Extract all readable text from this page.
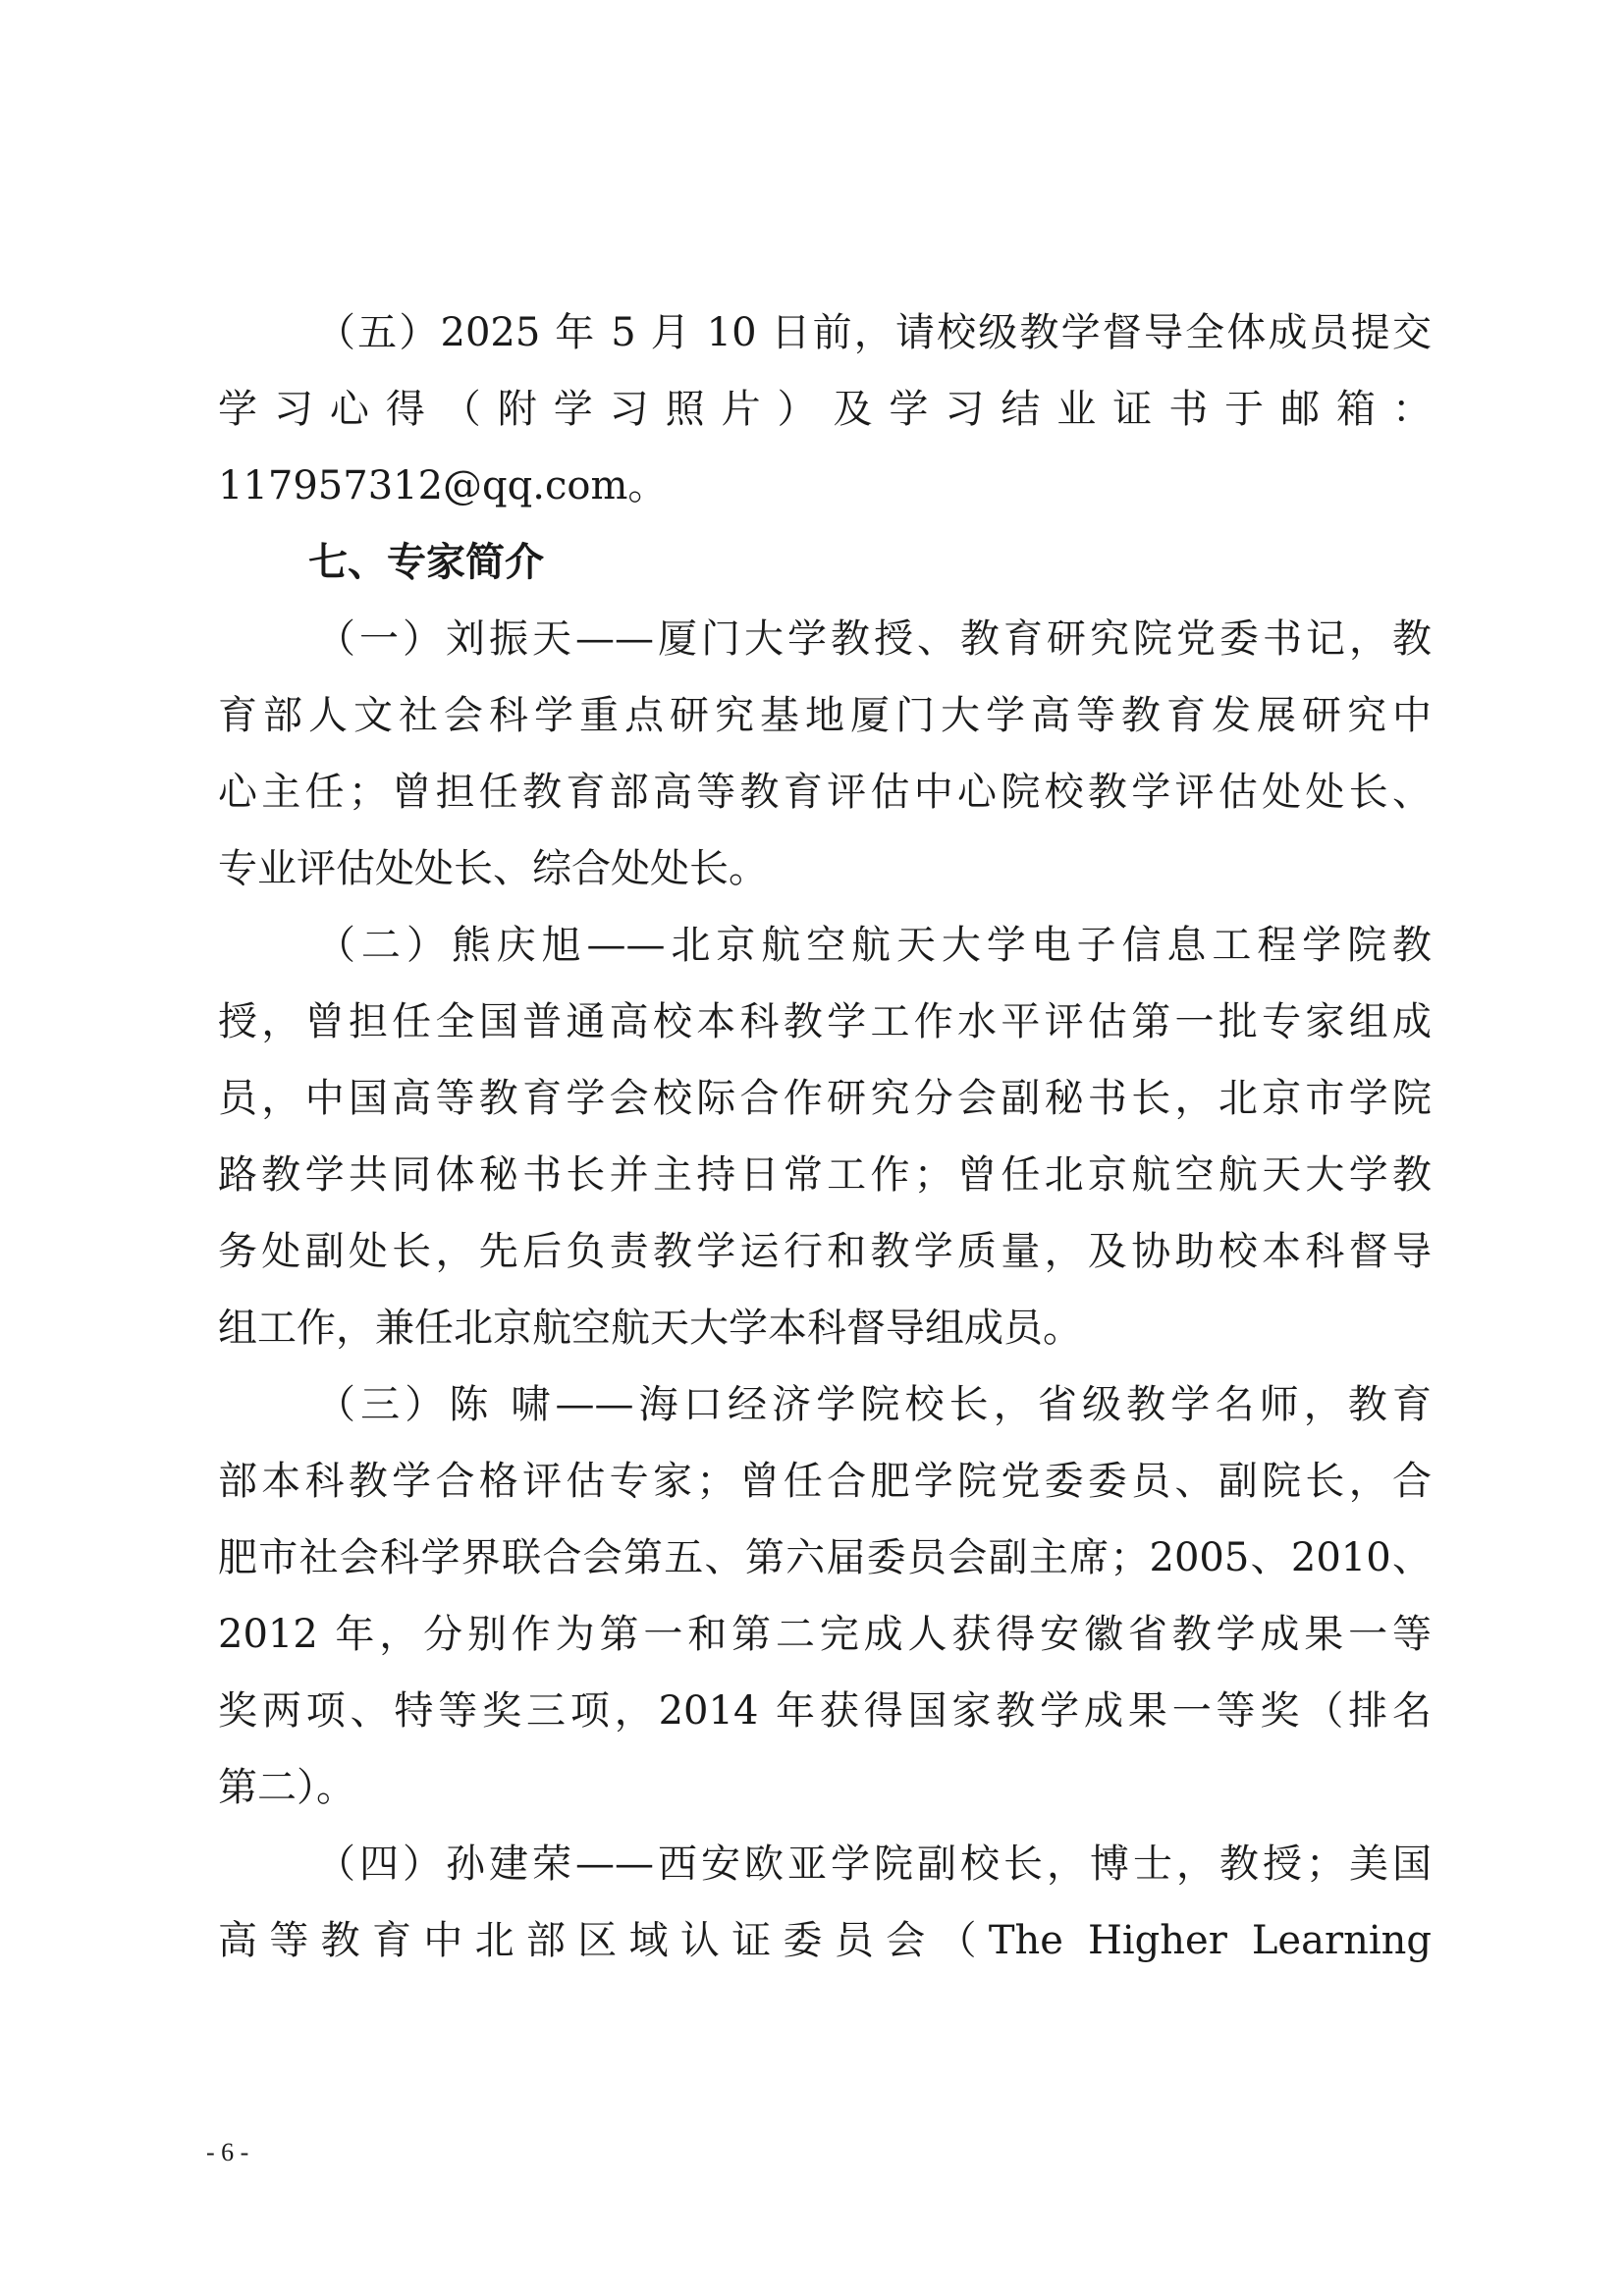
（五）2025 年 5 月 10 日前，请校级教学督导全体成员提交
学习心得（附学习照片）及学习结业证书于邮箱：
117957312@qq.com。
七、专家简介
（一）刘振天——厦门大学教授、教育研究院党委书记，教
育部人文社会科学重点研究基地厦门大学高等教育发展研究中
心主任；曾担任教育部高等教育评估中心院校教学评估处处长、
专业评估处处长、综合处处长。
（二）熊庆旭——北京航空航天大学电子信息工程学院教
授，曾担任全国普通高校本科教学工作水平评估第一批专家组成
员，中国高等教育学会校际合作研究分会副秘书长，北京市学院
路教学共同体秘书长并主持日常工作；曾任北京航空航天大学教
务处副处长，先后负责教学运行和教学质量，及协助校本科督导
组工作，兼任北京航空航天大学本科督导组成员。
（三）陈 啸——海口经济学院校长，省级教学名师，教育
部本科教学合格评估专家；曾任合肥学院党委委员、副院长，合
肥市社会科学界联合会第五、第六届委员会副主席；2005、2010、
2012 年，分别作为第一和第二完成人获得安徽省教学成果一等
奖两项、特等奖三项，2014 年获得国家教学成果一等奖（排名
第二）。
（四）孙建荣——西安欧亚学院副校长，博士，教授；美国
高等教育中北部区域认证委员会（The Higher Learning
- 6 -
